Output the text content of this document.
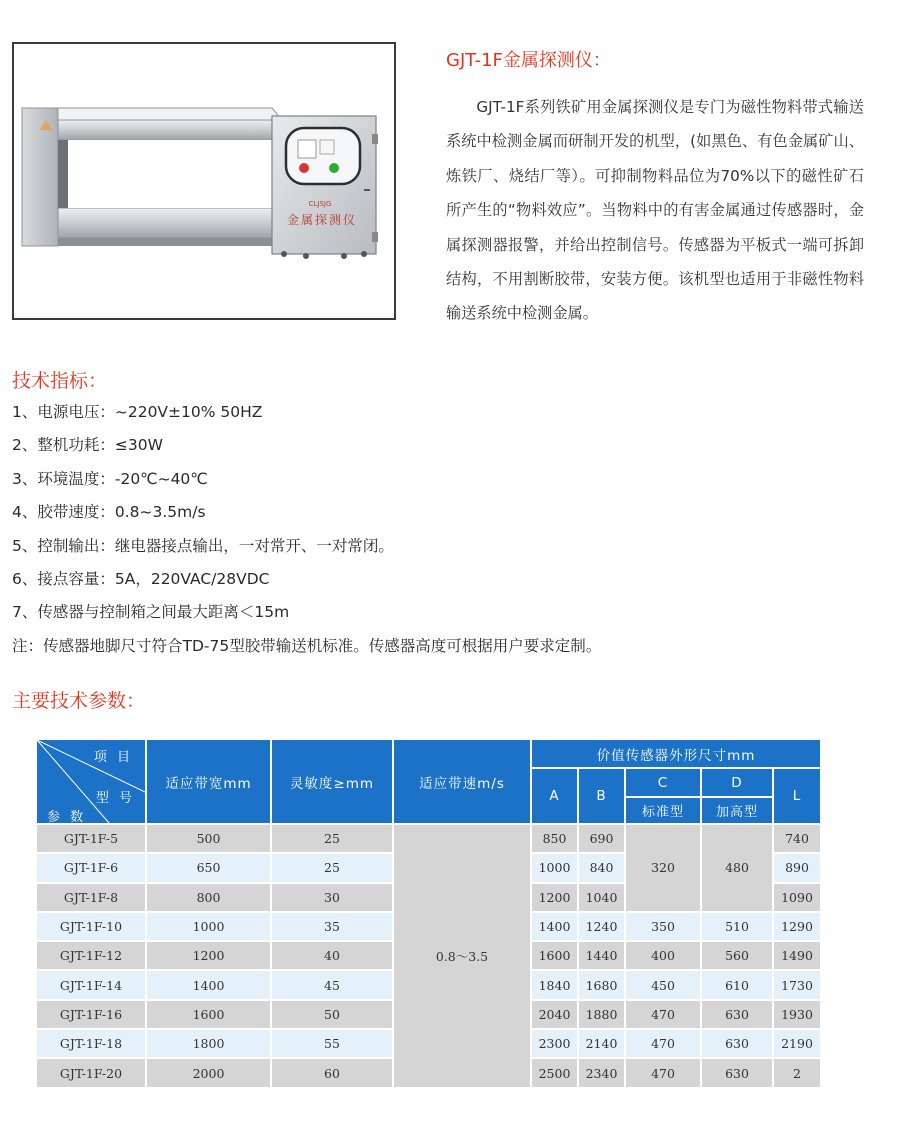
CLJSJG
金属探测仪
GJT-1F金属探测仪：

GJT-1F系列铁矿用金属探测仪是专门为磁性物料带式输送系统中检测金属而研制开发的机型，(如黑色、有色金属矿山、炼铁厂、烧结厂等）。可抑制物料品位为70%以下的磁性矿石所产生的“物料效应”。当物料中的有害金属通过传感器时，金属探测器报警，并给出控制信号。传感器为平板式一端可拆卸结构，不用割断胶带，安装方便。该机型也适用于非磁性物料输送系统中检测金属。

技术指标：
1、电源电压：~220V±10% 50HZ
2、整机功耗：≤30W
3、环境温度：-20℃~40℃
4、胶带速度：0.8~3.5m/s
5、控制输出：继电器接点输出，一对常开、一对常闭。
6、接点容量：5A，220VAC/28VDC
7、传感器与控制箱之间最大距离＜15m
注：传感器地脚尺寸符合TD-75型胶带输送机标准。传感器高度可根据用户要求定制。
主要技术参数：
项 目
型 号
参 数	适应带宽mm	灵敏度≥mm	适应带速m/s	价值传感器外形尺寸mm				
				A	B	C	D	L
						标准型	加高型	
GJT-1F-5	500	25	0.8～3.5	850	690	320	480	740
GJT-1F-6	650	25		1000	840			890
GJT-1F-8	800	30		1200	1040			1090
GJT-1F-10	1000	35		1400	1240	350	510	1290
GJT-1F-12	1200	40		1600	1440	400	560	1490
GJT-1F-14	1400	45		1840	1680	450	610	1730
GJT-1F-16	1600	50		2040	1880	470	630	1930
GJT-1F-18	1800	55		2300	2140	470	630	2190
GJT-1F-20	2000	60		2500	2340	470	630	2
